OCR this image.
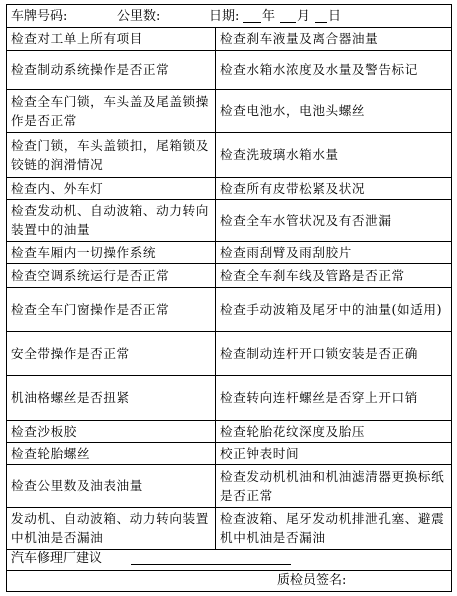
车牌号码:	公里数:	日期: 年 月 日
检查对工单上所有项目	检查刹车液量及离合器油量
检查制动系统操作是否正常	检查水箱水浓度及水量及警告标记
检查全车门锁，车头盖及尾盖锁操作是否正常	检查电池水，电池头螺丝
检查门锁，车头盖锁扣，尾箱锁及铰链的润滑情况	检查洗玻璃水箱水量
检查内、外车灯	检查所有皮带松紧及状况
检查发动机、自动波箱、动力转向装置中的油量	检查全车水管状况及有否泄漏
检查车厢内一切操作系统	检查雨刮臂及雨刮胶片
检查空调系统运行是否正常	检查全车刹车线及管路是否正常
检查全车门窗操作是否正常	检查手动波箱及尾牙中的油量(如适用)
安全带操作是否正常	检查制动连杆开口锁安装是否正确
机油格螺丝是否扭紧	检查转向连杆螺丝是否穿上开口销
检查沙板胶	检查轮胎花纹深度及胎压
检查轮胎螺丝	校正钟表时间
检查公里数及油表油量	检查发动机机油和机油滤清器更换标纸是否正常
发动机、自动波箱、动力转向装置中机油是否漏油	检查波箱、尾牙发动机排泄孔塞、避震机中机油是否漏油
汽车修理厂建议
质检员签名:
